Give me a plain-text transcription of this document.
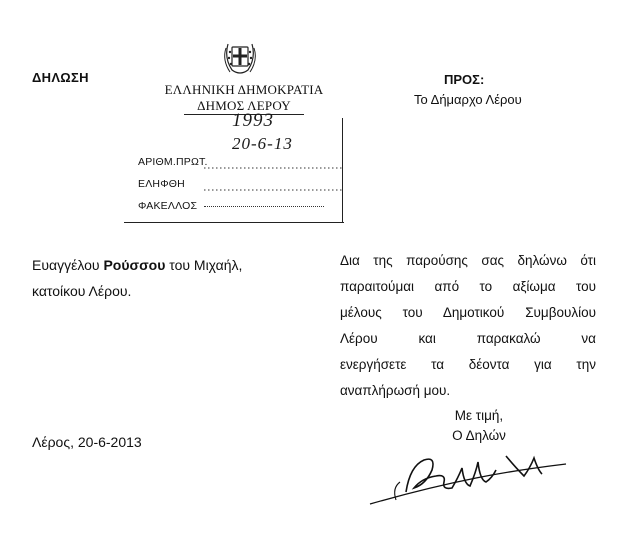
ΔΗΛΩΣΗ
ΕΛΛΗΝΙΚΗ ΔΗΜΟΚΡΑΤΙΑ
ΔΗΜΟΣ ΛΕΡΟΥ
ΑΡΙΘΜ.ΠΡΩΤ.
ΕΛΗΦΘΗ
ΦΑΚΕΛΛΟΣ
1993
20-6-13
ΠΡΟΣ:
Το Δήμαρχο Λέρου
Ευαγγέλου Ρούσσου του Μιχαήλ,
κατοίκου Λέρου.
Δια της παρούσης σας δηλώνω ότι
παραιτούμαι από το αξίωμα του
μέλους του Δημοτικού Συμβουλίου
Λέρου και παρακαλώ να
ενεργήσετε τα δέοντα για την
αναπλήρωσή μου.
Με τιμή,
Ο Δηλών
Λέρος, 20-6-2013
